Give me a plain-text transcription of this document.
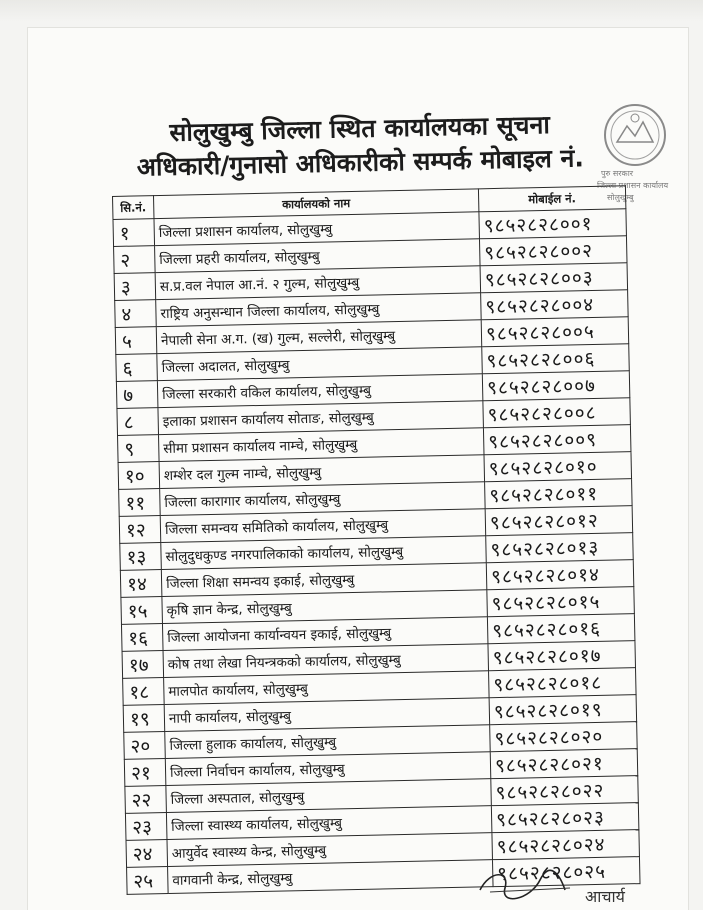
सोलुखुम्बु जिल्ला स्थित कार्यालयका सूचना
अधिकारी/गुनासो अधिकारीको सम्पर्क मोबाइल नं.	पुरु सरकार
जिल्ला प्रशासन कार्यालय
सोलुखुम्बु
सि.नं.	कार्यालयको नाम	मोबाईल नं.
१	जिल्ला प्रशासन कार्यालय, सोलुखुम्बु	९८५२८२८००१
२	जिल्ला प्रहरी कार्यालय, सोलुखुम्बु	९८५२८२८००२
३	स.प्र.वल नेपाल आ.नं. २ गुल्म, सोलुखुम्बु	९८५२८२८००३
४	राष्ट्रिय अनुसन्धान जिल्ला कार्यालय, सोलुखुम्बु	९८५२८२८००४
५	नेपाली सेना अ.ग. (ख) गुल्म, सल्लेरी, सोलुखुम्बु	९८५२८२८००५
६	जिल्ला अदालत, सोलुखुम्बु	९८५२८२८००६
७	जिल्ला सरकारी वकिल कार्यालय, सोलुखुम्बु	९८५२८२८००७
८	इलाका प्रशासन कार्यालय सोताङ, सोलुखुम्बु	९८५२८२८००८
९	सीमा प्रशासन कार्यालय नाम्चे, सोलुखुम्बु	९८५२८२८००९
१०	शम्शेर दल गुल्म नाम्चे, सोलुखुम्बु	९८५२८२८०१०
११	जिल्ला कारागार कार्यालय, सोलुखुम्बु	९८५२८२८०११
१२	जिल्ला समन्वय समितिको कार्यालय, सोलुखुम्बु	९८५२८२८०१२
१३	सोलुदुधकुण्ड नगरपालिकाको कार्यालय, सोलुखुम्बु	९८५२८२८०१३
१४	जिल्ला शिक्षा समन्वय इकाई, सोलुखुम्बु	९८५२८२८०१४
१५	कृषि ज्ञान केन्द्र, सोलुखुम्बु	९८५२८२८०१५
१६	जिल्ला आयोजना कार्यान्वयन इकाई, सोलुखुम्बु	९८५२८२८०१६
१७	कोष तथा लेखा नियन्त्रकको कार्यालय, सोलुखुम्बु	९८५२८२८०१७
१८	मालपोत कार्यालय, सोलुखुम्बु	९८५२८२८०१८
१९	नापी कार्यालय, सोलुखुम्बु	९८५२८२८०१९
२०	जिल्ला हुलाक कार्यालय, सोलुखुम्बु	९८५२८२८०२०
२१	जिल्ला निर्वाचन कार्यालय, सोलुखुम्बु	९८५२८२८०२१
२२	जिल्ला अस्पताल, सोलुखुम्बु	९८५२८२८०२२
२३	जिल्ला स्वास्थ्य कार्यालय, सोलुखुम्बु	९८५२८२८०२३
२४	आयुर्वेद स्वास्थ्य केन्द्र, सोलुखुम्बु	९८५२८२८०२४
२५	वागवानी केन्द्र, सोलुखुम्बु	९८५२८२८०२५
आचार्य
